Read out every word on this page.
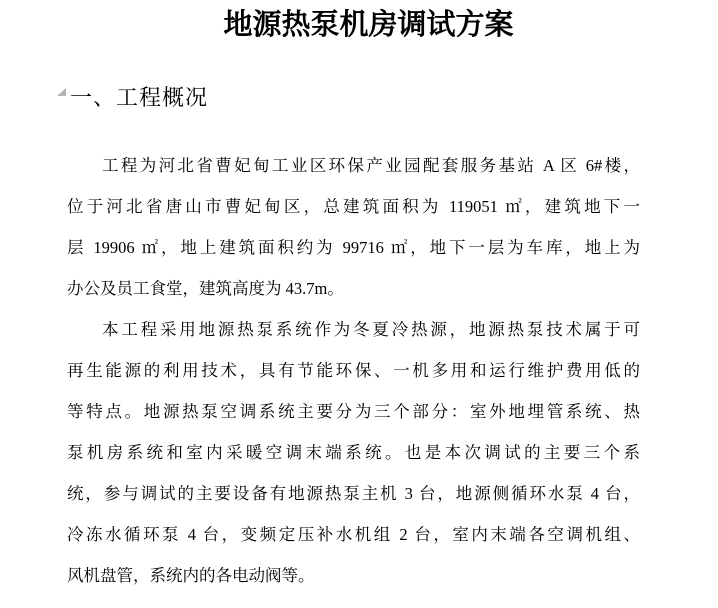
地源热泵机房调试方案
一、工程概况
工程为河北省曹妃甸工业区环保产业园配套服务基站 A 区 6#楼，
位于河北省唐山市曹妃甸区，总建筑面积为 119051 ㎡，建筑地下一
层 19906 ㎡，地上建筑面积约为 99716 ㎡，地下一层为车库，地上为
办公及员工食堂，建筑高度为 43.7m。
本工程采用地源热泵系统作为冬夏冷热源，地源热泵技术属于可
再生能源的利用技术，具有节能环保、一机多用和运行维护费用低的
等特点。地源热泵空调系统主要分为三个部分：室外地埋管系统、热
泵机房系统和室内采暖空调末端系统。也是本次调试的主要三个系
统，参与调试的主要设备有地源热泵主机 3 台，地源侧循环水泵 4 台，
冷冻水循环泵 4 台，变频定压补水机组 2 台，室内末端各空调机组、
风机盘管，系统内的各电动阀等。
